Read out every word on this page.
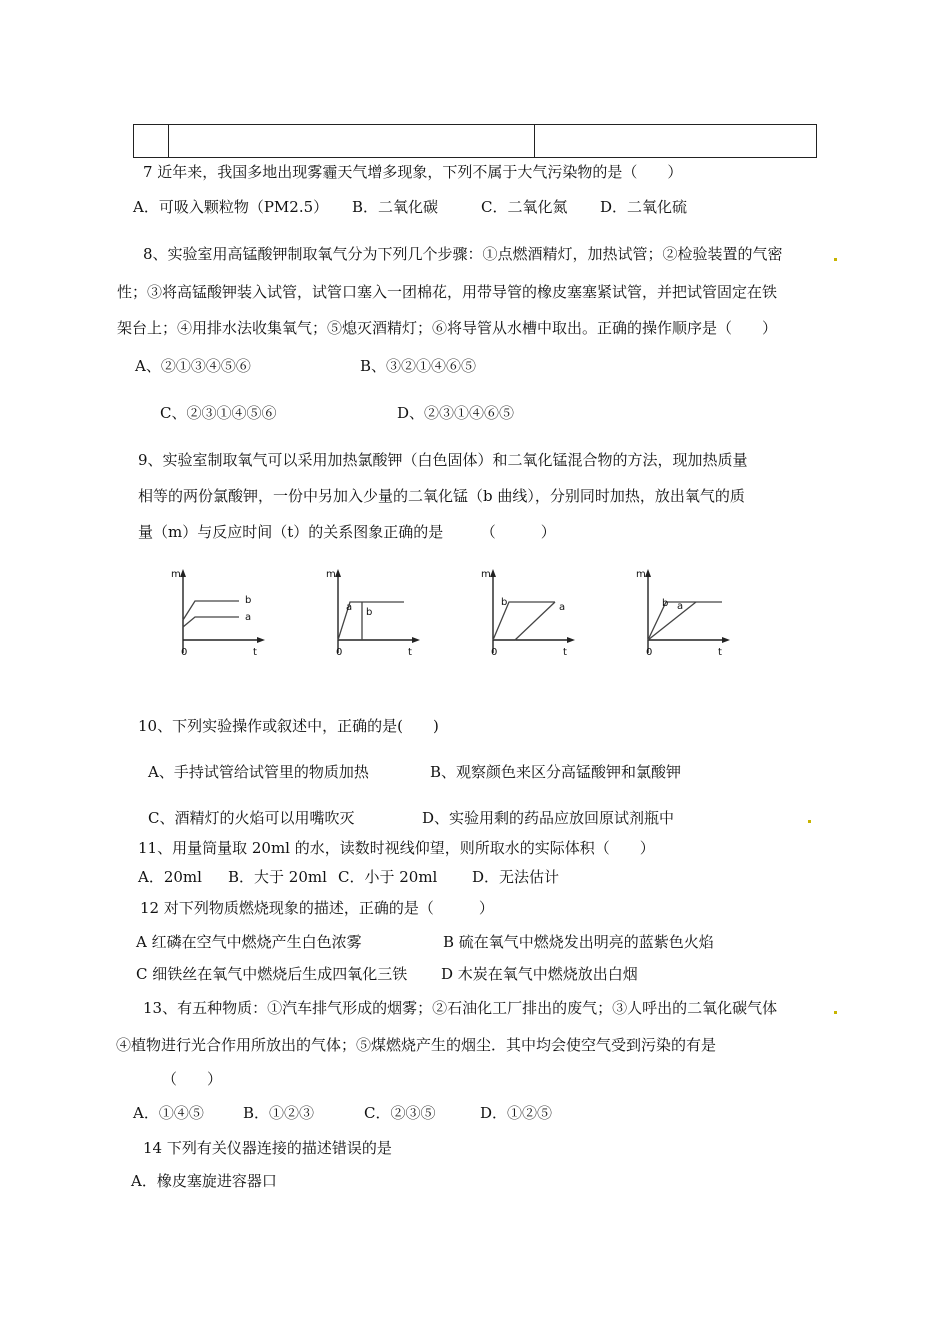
7 近年来，我国多地出现雾霾天气增多现象，下列不属于大气污染物的是（　　）
A．可吸入颗粒物（PM2.5） B．二氧化碳	C．二氧化氮 D．二氧化硫
8、实验室用高锰酸钾制取氧气分为下列几个步骤：①点燃酒精灯，加热试管；②检验装置的气密
性；③将高锰酸钾装入试管，试管口塞入一团棉花，用带导管的橡皮塞塞紧试管，并把试管固定在铁
架台上；④用排水法收集氧气；⑤熄灭酒精灯；⑥将导管从水槽中取出。正确的操作顺序是（　　）
A、②①③④⑤⑥	B、③②①④⑥⑤
C、②③①④⑤⑥	D、②③①④⑥⑤
9、实验室制取氧气可以采用加热氯酸钾（白色固体）和二氧化锰混合物的方法，现加热质量
相等的两份氯酸钾，一份中另加入少量的二氧化锰（b 曲线），分别同时加热，放出氧气的质
量（m）与反应时间（t）的关系图象正确的是　　　（　　　）
m
0	t
b
a
m
0	t
a b
m
0	t
b	a
m
0	t
b a
10、下列实验操作或叙述中，正确的是(　　)
A、手持试管给试管里的物质加热	B、观察颜色来区分高锰酸钾和氯酸钾
C、酒精灯的火焰可以用嘴吹灭	D、实验用剩的药品应放回原试剂瓶中
11、用量筒量取 20ml 的水，读数时视线仰望，则所取水的实际体积（　　）
A．20ml B．大于 20ml C．小于 20ml D．无法估计
12 对下列物质燃烧现象的描述，正确的是（　　　）
A 红磷在空气中燃烧产生白色浓雾	B 硫在氧气中燃烧发出明亮的蓝紫色火焰
C 细铁丝在氧气中燃烧后生成四氧化三铁 D 木炭在氧气中燃烧放出白烟
13、有五种物质：①汽车排气形成的烟雾；②石油化工厂排出的废气；③人呼出的二氧化碳气体
④植物进行光合作用所放出的气体；⑤煤燃烧产生的烟尘．其中均会使空气受到污染的有是
（　　）
A．①④⑤	B．①②③	C．②③⑤	D．①②⑤
14 下列有关仪器连接的描述错误的是
A．橡皮塞旋进容器口
